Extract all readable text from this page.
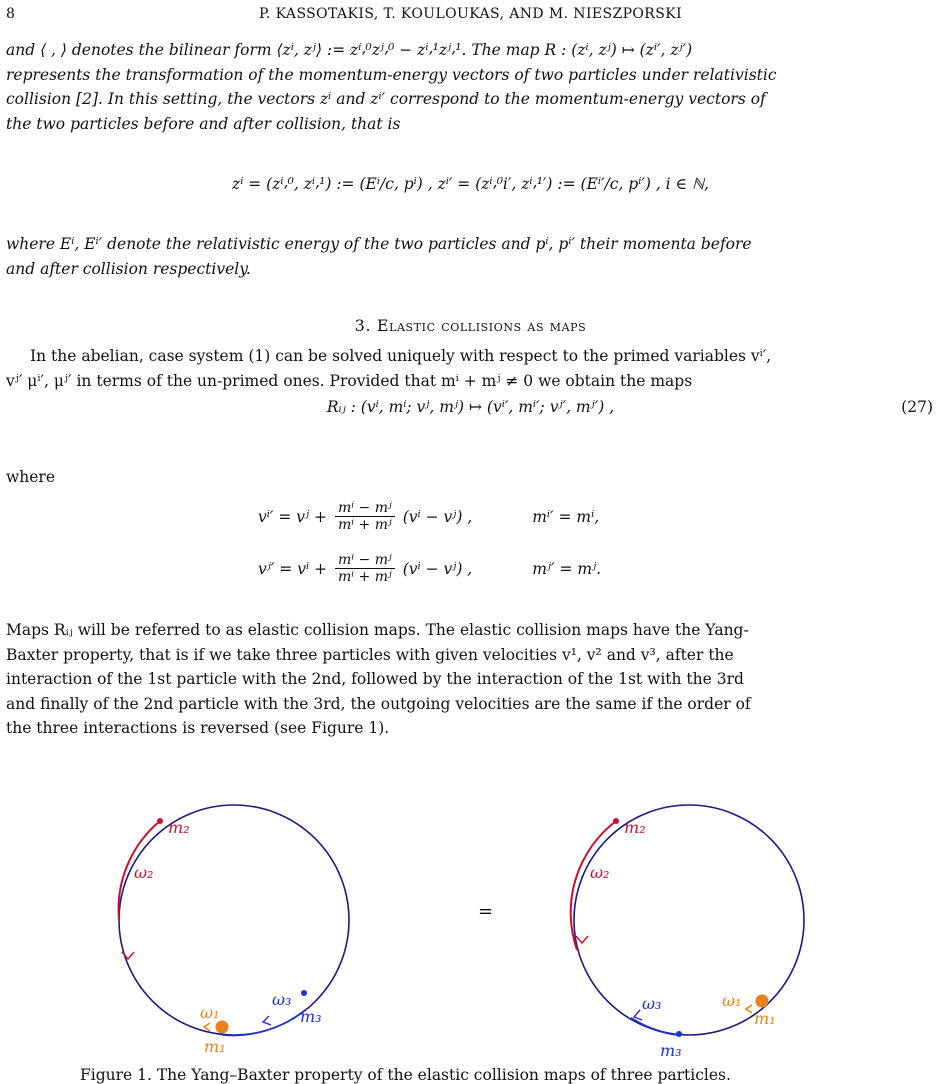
8	P. KASSOTAKIS, T. KOULOUKAS, AND M. NIESZPORSKI
and ⟨ , ⟩ denotes the bilinear form ⟨zⁱ, zʲ⟩ := zⁱ⸴⁰zʲ⸴⁰ − zⁱ⸴¹zʲ⸴¹. The map R : (zⁱ, zʲ) ↦ (zⁱ′, zʲ′)
represents the transformation of the momentum-energy vectors of two particles under relativistic
collision [2]. In this setting, the vectors zⁱ and zⁱ′ correspond to the momentum-energy vectors of
the two particles before and after collision, that is
zⁱ = (zⁱ⸴⁰, zⁱ⸴¹) := (Eⁱ/c, pⁱ) , zⁱ′ = (zⁱ⸴⁰i′, zⁱ⸴¹′) := (Eⁱ′/c, pⁱ′) , i ∈ ℕ,
where Eⁱ, Eⁱ′ denote the relativistic energy of the two particles and pⁱ, pⁱ′ their momenta before
and after collision respectively.
3. Elastic collisions as maps
In the abelian, case system (1) can be solved uniquely with respect to the primed variables vⁱ′,
vʲ′ μⁱ′, μʲ′ in terms of the un-primed ones. Provided that mⁱ + mʲ ≠ 0 we obtain the maps
Rᵢⱼ : (vⁱ, mⁱ; vʲ, mʲ) ↦ (vⁱ′, mⁱ′; vʲ′, mʲ′) ,	(27)
where
vⁱ′ = vʲ + $\frac{\text{mⁱ − mʲ}}{\text{mⁱ + mʲ}} (v^i$ − vʲ) ,	mⁱ′ = mⁱ,
vʲ′ = $v^i + \frac{\text{mⁱ − mʲ}}{\text{mⁱ + mʲ}} (v^i$ − vʲ) ,	mʲ′ = mʲ.
Maps Rᵢⱼ will be referred to as elastic collision maps. The elastic collision maps have the Yang-
Baxter property, that is if we take three particles with given velocities v¹, v² and v³, after the
interaction of the 1st particle with the 2nd, followed by the interaction of the 1st with the 3rd
and finally of the 2nd particle with the 3rd, the outgoing velocities are the same if the order of
the three interactions is reversed (see Figure 1).
m₂
ω₂
ω₃
m₃
ω₁
m₁
=
m₂
ω₂
ω₃
m₃
ω₁
m₁
Figure 1. The Yang–Baxter property of the elastic collision maps of three particles.
